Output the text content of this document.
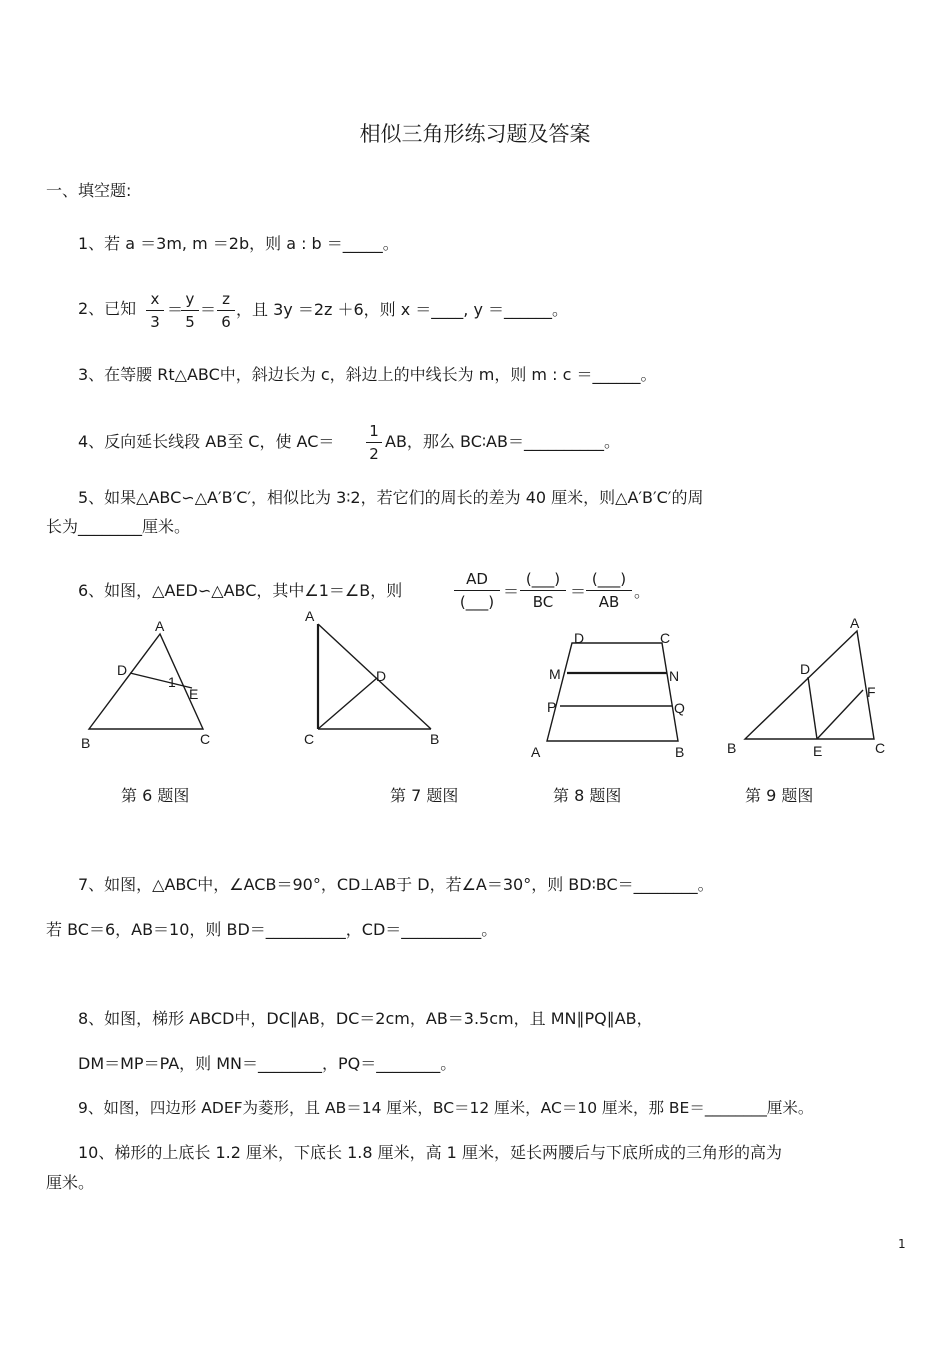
相似三角形练习题及答案
一、填空题:
1、若 a ＝3m, m ＝2b，则 a : b ＝_____。
2、已知 x
3
＝
y
5
＝
z
6
，且 3y ＝2z ＋6，则 x ＝____, y ＝______。
3、在等腰 Rt△ABC中，斜边长为 c，斜边上的中线长为 m，则 m : c ＝______。
4、反向延长线段 AB至 C，使 AC＝
1
2
AB，那么 BC∶AB＝__________。
5、如果△ABC∽△A′B′C′，相似比为 3∶2，若它们的周长的差为 40 厘米，则△A′B′C′的周
长为________厘米。
6、如图，△AED∽△ABC，其中∠1＝∠B，则
AD
(___)
＝
(___)
BC
＝
(___)
AB
。
A
D
1
E
B	C
A
D
C	B
D	C
M	N
P	Q
A	B
A
D
F
B	E	C
第 6 题图	第 7 题图	第 8 题图	第 9 题图
7、如图，△ABC中，∠ACB＝90°，CD⊥AB于 D，若∠A＝30°，则 BD∶BC＝________。
若 BC＝6，AB＝10，则 BD＝__________，CD＝__________。
8、如图，梯形 ABCD中，DC∥AB，DC＝2cm，AB＝3.5cm，且 MN∥PQ∥AB，
DM＝MP＝PA，则 MN＝________，PQ＝________。
9、如图，四边形 ADEF为菱形，且 AB＝14 厘米，BC＝12 厘米，AC＝10 厘米，那 BE＝________厘米。
10、梯形的上底长 1.2 厘米，下底长 1.8 厘米，高 1 厘米，延长两腰后与下底所成的三角形的高为
厘米。
1
